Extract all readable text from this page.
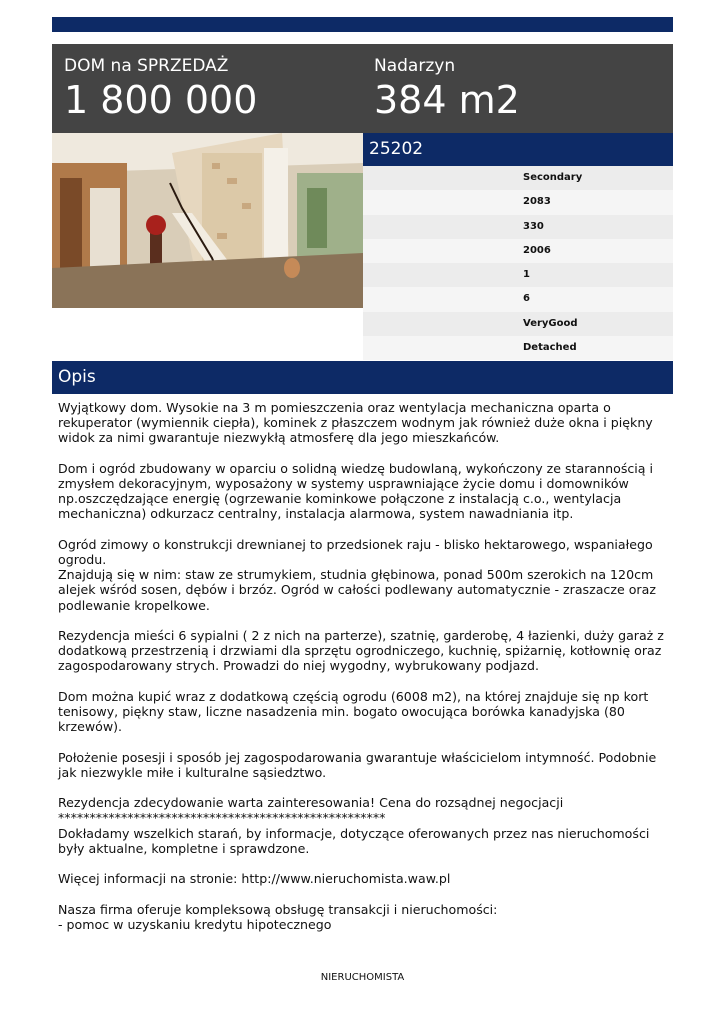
DOM na SPRZEDAŻ
1 800 000
Nadarzyn
384 m2
25202
Secondary
2083
330
2006
1
6
VeryGood
Detached
Opis
Wyjątkowy dom. Wysokie na 3 m pomieszczenia oraz wentylacja mechaniczna oparta o rekuperator (wymiennik ciepła), kominek z płaszczem wodnym jak również duże okna i piękny widok za nimi gwarantuje niezwykłą atmosferę dla jego mieszkańców.

Dom i ogród zbudowany w oparciu o solidną wiedzę budowlaną, wykończony ze starannością i zmysłem dekoracyjnym, wyposażony w systemy usprawniające życie domu i domowników np.oszczędzające energię (ogrzewanie kominkowe połączone z instalacją c.o., wentylacja mechaniczna) odkurzacz centralny, instalacja alarmowa, system nawadniania itp.

Ogród zimowy o konstrukcji drewnianej to przedsionek raju - blisko hektarowego, wspaniałego ogrodu.
Znajdują się w nim: staw ze strumykiem, studnia głębinowa, ponad 500m szerokich na 120cm alejek wśród sosen, dębów i brzóz. Ogród w całości podlewany automatycznie - zraszacze oraz podlewanie kropelkowe.

Rezydencja mieści 6 sypialni ( 2 z nich na parterze), szatnię, garderobę, 4 łazienki, duży garaż z dodatkową przestrzenią i drzwiami dla sprzętu ogrodniczego, kuchnię, spiżarnię, kotłownię oraz zagospodarowany strych. Prowadzi do niej wygodny, wybrukowany podjazd.

Dom można kupić wraz z dodatkową częścią ogrodu (6008 m2), na której znajduje się np kort tenisowy, piękny staw, liczne nasadzenia min. bogato owocująca borówka kanadyjska (80 krzewów).

Położenie posesji i sposób jej zagospodarowania gwarantuje właścicielom intymność. Podobnie jak niezwykle miłe i kulturalne sąsiedztwo.

Rezydencja zdecydowanie warta zainteresowania! Cena do rozsądnej negocjacji
****************************************************
Dokładamy wszelkich starań, by informacje, dotyczące oferowanych przez nas nieruchomości były aktualne, kompletne i sprawdzone.

Więcej informacji na stronie: http://www.nieruchomista.waw.pl

Nasza firma oferuje kompleksową obsługę transakcji i nieruchomości:
- pomoc w uzyskaniu kredytu hipotecznego
NIERUCHOMISTA
